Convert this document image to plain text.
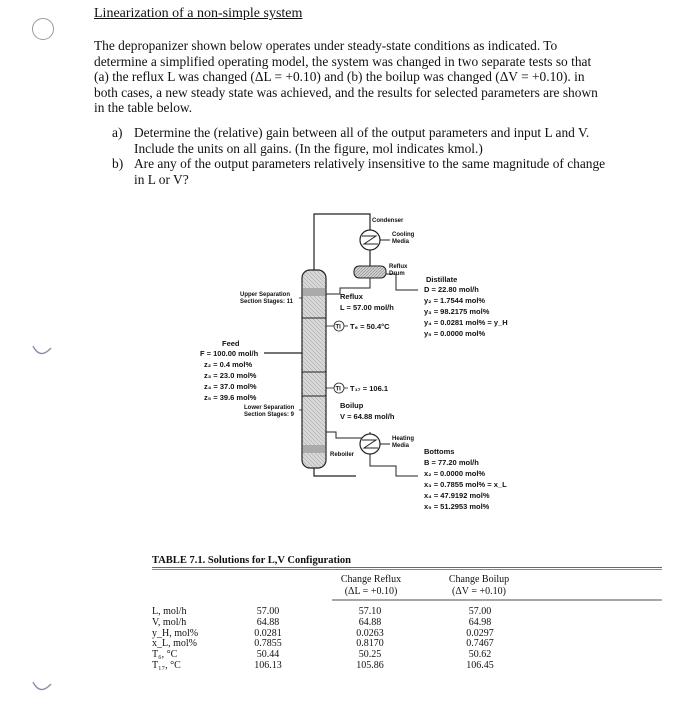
Linearization of a non-simple system
The depropanizer shown below operates under steady-state conditions as indicated. To determine a simplified operating model, the system was changed in two separate tests so that (a) the reflux L was changed (ΔL = +0.10) and (b) the boilup was changed (ΔV = +0.10). in both cases, a new steady state was achieved, and the results for selected parameters are shown in the table below.
a) Determine the (relative) gain between all of the output parameters and input L and V. Include the units on all gains. (In the figure, mol indicates kmol.)
b) Are any of the output parameters relatively insensitive to the same magnitude of change in L or V?
Condenser
Cooling
Media
Reflux
Drum
Upper Separation
Section Stages: 11
Reflux
L = 57.00 mol/h
TI T₆ = 50.4°C
Feed
F = 100.00 mol/h
z₂ = 0.4 mol%
z₃ = 23.0 mol%
z₄ = 37.0 mol%
z₅ = 39.6 mol%
Lower Separation
Section Stages: 9
TI T₁₇ = 106.1
Boilup
V = 64.88 mol/h
Heating
Media
Reboiler
Distillate
D = 22.80 mol/h
y₂ = 1.7544 mol%
y₃ = 98.2175 mol%
y₄ = 0.0281 mol% = y_H
y₅ = 0.0000 mol%
Bottoms
B = 77.20 mol/h
x₂ = 0.0000 mol%
x₃ = 0.7855 mol% = x_L
x₄ = 47.9192 mol%
x₅ = 51.2953 mol%
TABLE 7.1. Solutions for L,V Configuration
Change Reflux
(ΔL = +0.10)
Change Boilup
(ΔV = +0.10)
L, mol/h	57.00	57.10	57.00
V, mol/h	64.88	64.88	64.98
y_H, mol%	0.0281	0.0263	0.0297
x_L, mol%	0.7855	0.8170	0.7467
T₆, °C	50.44	50.25	50.62
T₁₇, °C	106.13	105.86	106.45
